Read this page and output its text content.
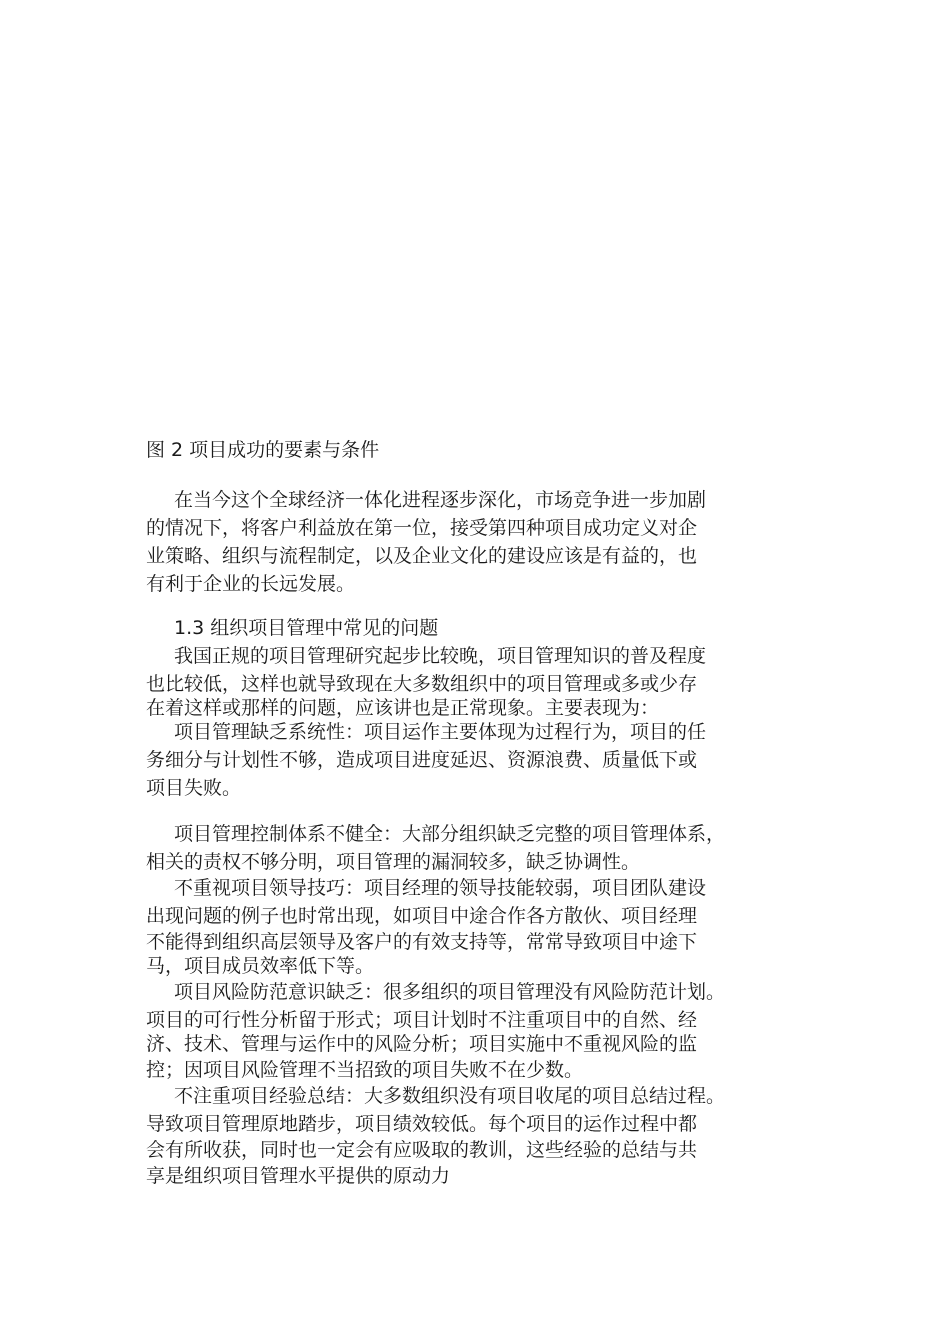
图 2 项目成功的要素与条件
在当今这个全球经济一体化进程逐步深化，市场竞争进一步加剧
的情况下，将客户利益放在第一位，接受第四种项目成功定义对企
业策略、组织与流程制定，以及企业文化的建设应该是有益的，也
有利于企业的长远发展。
1.3 组织项目管理中常见的问题
我国正规的项目管理研究起步比较晚，项目管理知识的普及程度
也比较低，这样也就导致现在大多数组织中的项目管理或多或少存
在着这样或那样的问题，应该讲也是正常现象。主要表现为：
项目管理缺乏系统性：项目运作主要体现为过程行为，项目的任
务细分与计划性不够，造成项目进度延迟、资源浪费、质量低下或
项目失败。
项目管理控制体系不健全：大部分组织缺乏完整的项目管理体系，
相关的责权不够分明，项目管理的漏洞较多，缺乏协调性。
不重视项目领导技巧：项目经理的领导技能较弱，项目团队建设
出现问题的例子也时常出现，如项目中途合作各方散伙、项目经理
不能得到组织高层领导及客户的有效支持等，常常导致项目中途下
马，项目成员效率低下等。
项目风险防范意识缺乏：很多组织的项目管理没有风险防范计划。
项目的可行性分析留于形式；项目计划时不注重项目中的自然、经
济、技术、管理与运作中的风险分析；项目实施中不重视风险的监
控；因项目风险管理不当招致的项目失败不在少数。
不注重项目经验总结：大多数组织没有项目收尾的项目总结过程。
导致项目管理原地踏步，项目绩效较低。每个项目的运作过程中都
会有所收获，同时也一定会有应吸取的教训，这些经验的总结与共
享是组织项目管理水平提供的原动力
